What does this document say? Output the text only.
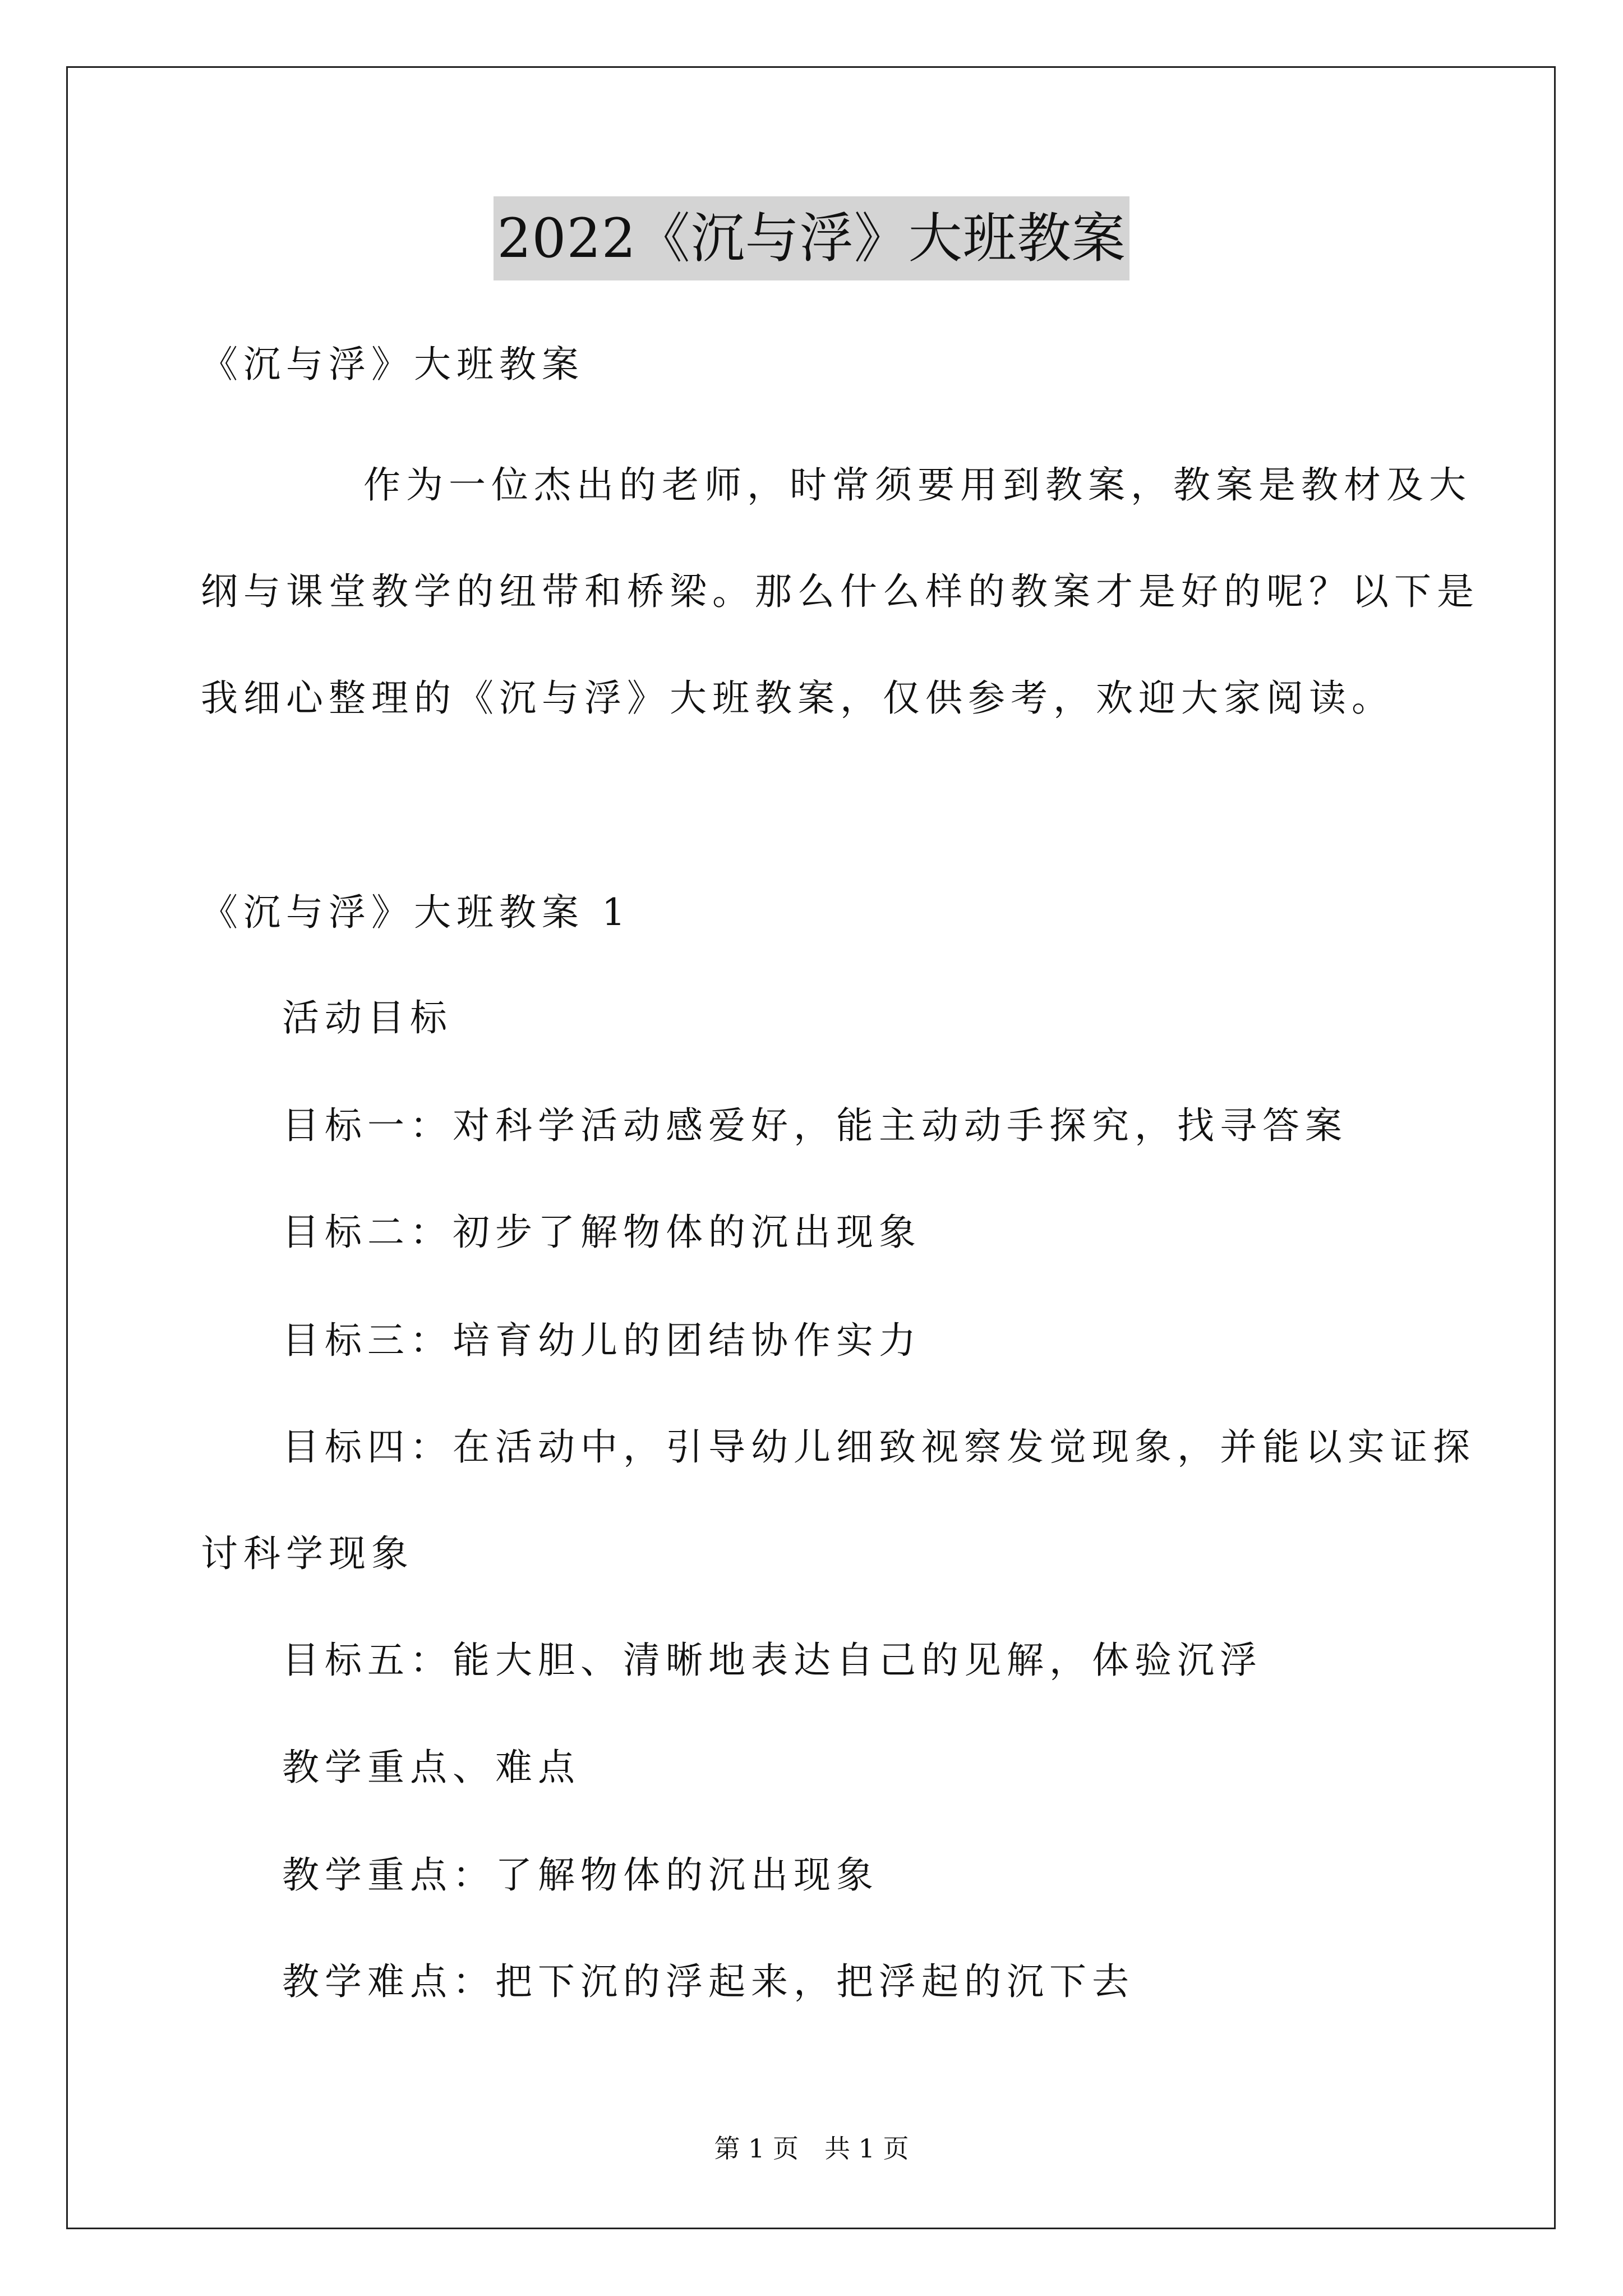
2022《沉与浮》大班教案
《沉与浮》大班教案
作为一位杰出的老师，时常须要用到教案，教案是教材及大
纲与课堂教学的纽带和桥梁。那么什么样的教案才是好的呢？以下是
我细心整理的《沉与浮》大班教案，仅供参考，欢迎大家阅读。
《沉与浮》大班教案 1
活动目标
目标一：对科学活动感爱好，能主动动手探究，找寻答案
目标二：初步了解物体的沉出现象
目标三：培育幼儿的团结协作实力
目标四：在活动中，引导幼儿细致视察发觉现象，并能以实证探
讨科学现象
目标五：能大胆、清晰地表达自己的见解，体验沉浮
教学重点、难点
教学重点：了解物体的沉出现象
教学难点：把下沉的浮起来，把浮起的沉下去
第 1 页　共 1 页
